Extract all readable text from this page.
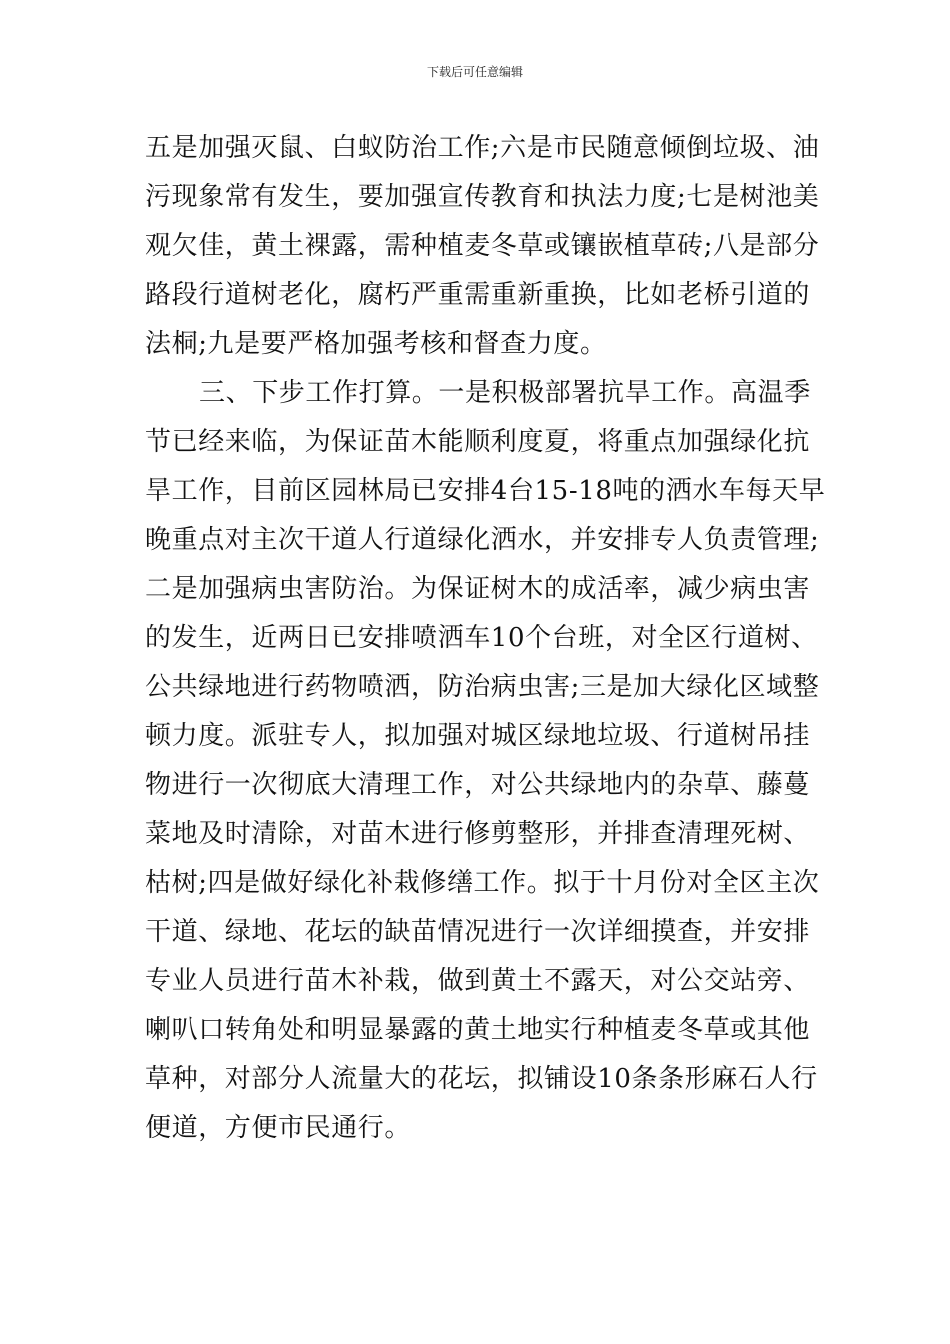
下载后可任意编辑
五是加强灭鼠、白蚁防治工作;六是市民随意倾倒垃圾、油
污现象常有发生，要加强宣传教育和执法力度;七是树池美
观欠佳，黄土裸露，需种植麦冬草或镶嵌植草砖;八是部分
路段行道树老化，腐朽严重需重新重换，比如老桥引道的
法桐;九是要严格加强考核和督查力度。
三、下步工作打算。一是积极部署抗旱工作。高温季
节已经来临，为保证苗木能顺利度夏，将重点加强绿化抗
旱工作，目前区园林局已安排4台15-18吨的洒水车每天早
晚重点对主次干道人行道绿化洒水，并安排专人负责管理;
二是加强病虫害防治。为保证树木的成活率，减少病虫害
的发生，近两日已安排喷洒车10个台班，对全区行道树、
公共绿地进行药物喷洒，防治病虫害;三是加大绿化区域整
顿力度。派驻专人，拟加强对城区绿地垃圾、行道树吊挂
物进行一次彻底大清理工作，对公共绿地内的杂草、藤蔓
菜地及时清除，对苗木进行修剪整形，并排查清理死树、
枯树;四是做好绿化补栽修缮工作。拟于十月份对全区主次
干道、绿地、花坛的缺苗情况进行一次详细摸查，并安排
专业人员进行苗木补栽，做到黄土不露天，对公交站旁、
喇叭口转角处和明显暴露的黄土地实行种植麦冬草或其他
草种，对部分人流量大的花坛，拟铺设10条条形麻石人行
便道，方便市民通行。
